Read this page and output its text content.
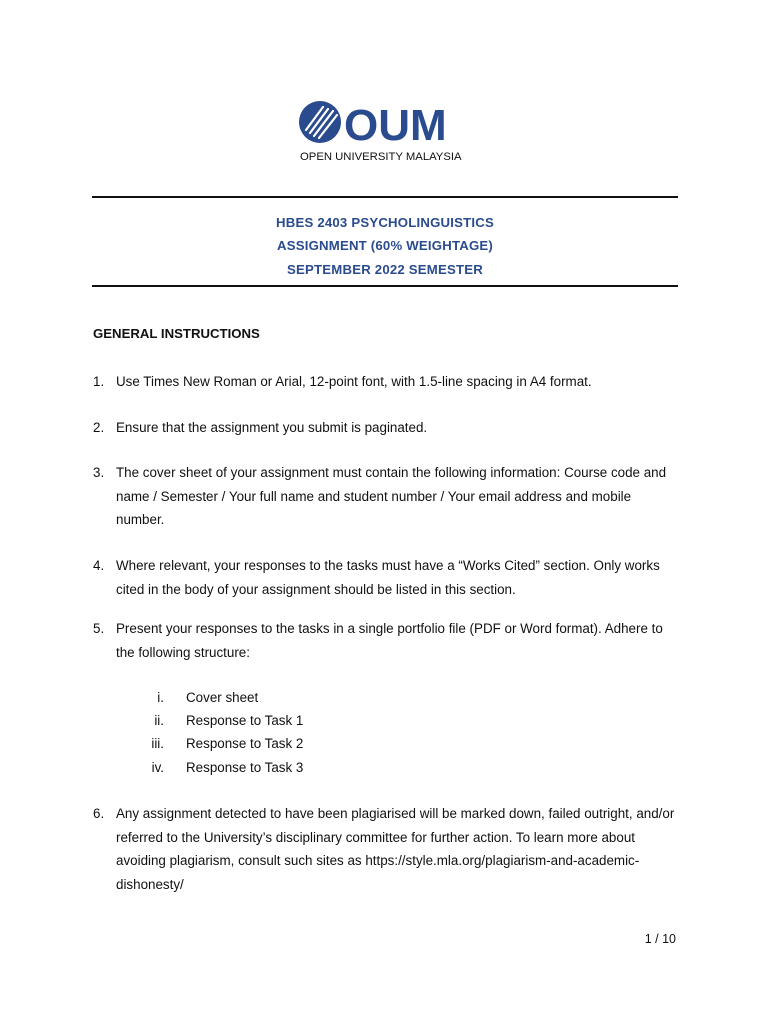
OUM
OPEN UNIVERSITY MALAYSIA
HBES 2403 PSYCHOLINGUISTICS
ASSIGNMENT (60% WEIGHTAGE)
SEPTEMBER 2022 SEMESTER
GENERAL INSTRUCTIONS
1. Use Times New Roman or Arial, 12-point font, with 1.5-line spacing in A4 format.
2. Ensure that the assignment you submit is paginated.
3. The cover sheet of your assignment must contain the following information: Course code and name / Semester / Your full name and student number / Your email address and mobile number.
4. Where relevant, your responses to the tasks must have a “Works Cited” section. Only works cited in the body of your assignment should be listed in this section.
5. Present your responses to the tasks in a single portfolio file (PDF or Word format). Adhere to the following structure:
i. Cover sheet
ii. Response to Task 1
iii. Response to Task 2
iv. Response to Task 3
6. Any assignment detected to have been plagiarised will be marked down, failed outright, and/or referred to the University’s disciplinary committee for further action. To learn more about avoiding plagiarism, consult such sites as https://style.mla.org/plagiarism-and-academic-dishonesty/
1 / 10
